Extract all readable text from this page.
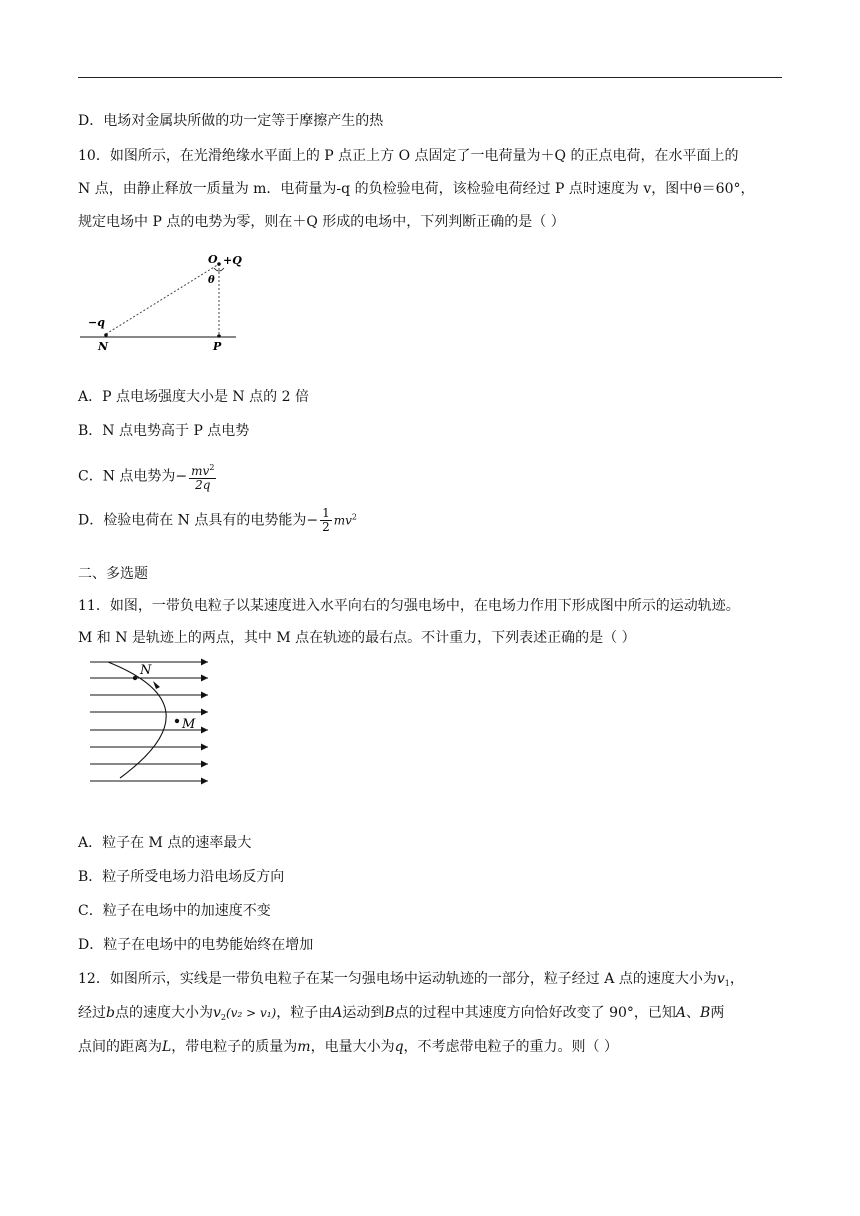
D．电场对金属块所做的功一定等于摩擦产生的热
10．如图所示，在光滑绝缘水平面上的 P 点正上方 O 点固定了一电荷量为＋Q 的正点电荷，在水平面上的
N 点，由静止释放一质量为 m．电荷量为-q 的负检验电荷，该检验电荷经过 P 点时速度为 v，图中θ＝60°，
规定电场中 P 点的电势为零，则在＋Q 形成的电场中，下列判断正确的是（ ）
O +Q
θ
−q
N	P
A．P 点电场强度大小是 N 点的 2 倍
B．N 点电势高于 P 点电势
C．N 点电势为− $\frac{mv^2}{2q}$
D．检验电荷在 N 点具有的电势能为− $\frac{1}{2} mv^2$
二、多选题
11．如图，一带负电粒子以某速度进入水平向右的匀强电场中，在电场力作用下形成图中所示的运动轨迹。
M 和 N 是轨迹上的两点，其中 M 点在轨迹的最右点。不计重力，下列表述正确的是（ ）
N
M
A．粒子在 M 点的速率最大
B．粒子所受电场力沿电场反方向
C．粒子在电场中的加速度不变
D．粒子在电场中的电势能始终在增加
12．如图所示，实线是一带负电粒子在某一匀强电场中运动轨迹的一部分，粒子经过 A 点的速度大小为$v_1$，
经过b点的速度大小为$v_2(v_2 > v_1)$，粒子由A运动到B点的过程中其速度方向恰好改变了 90°，已知A、B两
点间的距离为L，带电粒子的质量为m，电量大小为q，不考虑带电粒子的重力。则（ ）
